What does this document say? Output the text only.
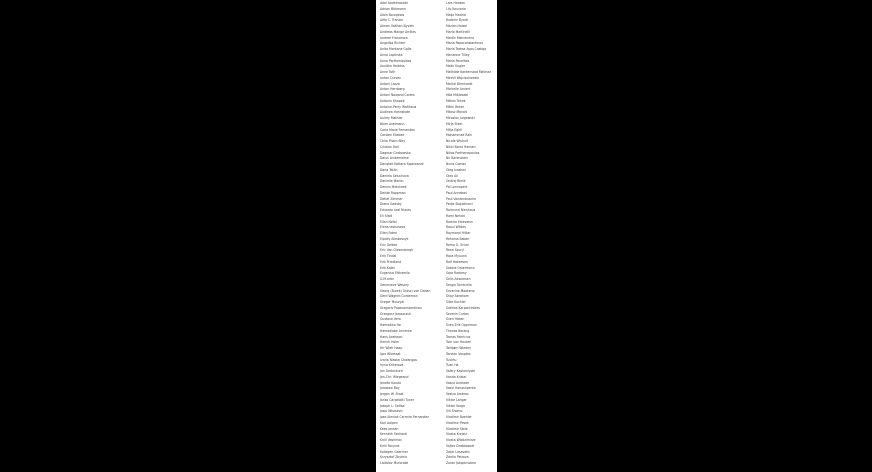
Adel Abdelmoulah
Adrian Böhmann
Alain Bourgeois
Alfio C. Tranzer
Alman Vaithen Nyvels
Andreas Mange Arrilles
Andree Francesca
Angelika Richter
Anita Montane Galle
Anna Lapinska
Anna Parthenissides
Annitka Helbina
Anne Toth
Anton Craven
Antoni Laczo
Anton Hernberg
Antoni Nowand Cortes
Antonin Khopek
Antoine-Perry Walthaus
Audinea Hannskote
Aulrey Mathier
Bjorn Axelmann
Carla Marie Fernandes
Carsten Ekebed
Chiia Pham Bley
Cristian Hall
Dagmar Grabowska
Dalus Lindemolme
Dangtalt Kottara Sopkwandi
Daria Tatlin
Daniela Seluchova
Danielle Martin
Dennis Metcheek
Deiste Rappman
Detlef Zimmer
Diana Gadsby
Eduardo Leal Nunes
Eli Sfatt
Elian Nefal
Elena Iaskunova
Ellen Fateri
Elpidiy Aleskovsyk
Eric Gelbat
Eric Van Glesenbergh
Erik Tindal
Erik Friedland
Erik Katel
Evgenius Efthamilo
G.M.artin
Genevieve Wesory
Georg (Burek) Gross) von Dahan
Gerd Wagner-Gunteman
Gregor Muszyal
Gregoris Papaconstantinou
Grzegorz Jaroszczuk
Gustavo Vera
Hamadika Ho
Hamadiabe Annmire
Hans Axelsson
Henrik Holm
Hir Wleh Haap
Igor Wlamsat
Ivaria Nikolai Chwangpu
Iryna Krikerova
Jan Gedankurd
Jan-Chr. Wiegeand
Janelle Kaudo
Jaroslaw Bay
Jergen W. Staal
Jonas Carpelotti Tuner
Joseph L. Selfaa
Josip Nikosevic
Jose Alexiak Carreira Fernandez
Karl Aalpen
Kees Jansen
Kenneth Sechanti
Kirill Vosrimov
Kirill Rorjunk
Kollegen Gaertner
Krzysztof Zbytnio
Ladislav Murbroke
Lars Hansen
Lily Kouvaria
Maija Madrid
Ruderin Byarti
Marion Holzel
Mario Martinelli
Martin Meinenrine
Maria Papaconstantinou
Maria Teresa Ayas Castigo
Marianne Tilley
Mario Pavelites
Malin Kugler
Mathilde Kantenstad Matinez
Mecsil Wojciechowski
Michal Bernhardt
Michelle Arviert
Mila Miklowski
Miklos Tenek
Mikki Reher
Milosz Manalt
Miroslav Jurgowski
Mirja Stein
Mifja Egirli
Mohammad Rahi
Nicole Wishuit
Nikki Barra Hansen
Nikos Parthenopoulos
Nir Barenstein
Nuria Comas
Oleg Ivashev
Oleo Ali
Ondrej Bielik
Pal Lennopert
Paul Annebos
Paul Vandenbusche
Pedja Stojadinovi
Raimund Nienhaus
Rami Nehari
Ramiro Estevanin
Raoul Wildes
Raymond Hilliar
Rehaina Baben
Remo G. Scirai
Rene Szucji
Roza Myuunn
Rolf Hakeesen
Sabine Ostermann
Sara Radomy
Selin Aksaresen
Sergio Torrecello
Severine Maakeno
Shay Abraham
Silke Kuchler
Sotirios Karpontinides
Severin Curtes
Sven Hasen
Sven Erik Oppriman
Thanos Berang
Tomas Fabricius
Tom van Houten
Torbjørn Wieden
Torsten Vongtes
Tuvirtu
Tuan Ha
Valery Kasheniyoki
Vanda Kristal
Vasco Andrade
Vasyl Hanashpenta
Vestra Ambros
Viktor Langer
Viktor Varga
Vili Shomo
Vladimir Boehler
Vladimir Pesek
Vladimir Stele
Vlasta Krejssi
Vlasta Wlodzimirze
Vojtec Drabkowski
Zetar Lasavetic
Zdeňa Petrova
Zoran Jakopirnokeo
